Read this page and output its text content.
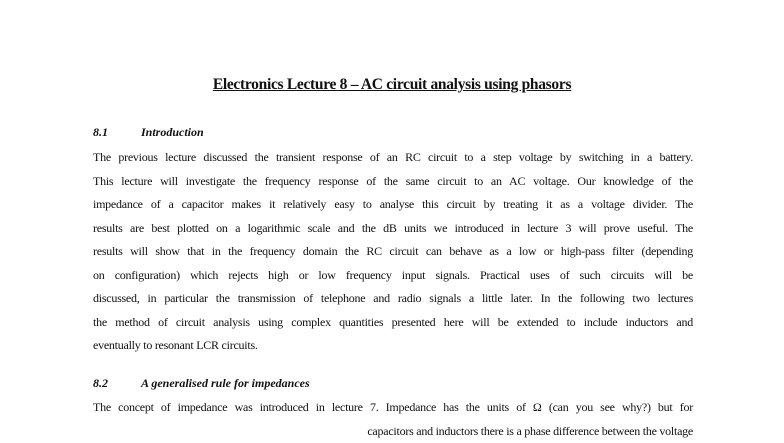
Electronics Lecture 8 – AC circuit analysis using phasors
8.1	Introduction
The previous lecture discussed the transient response of an RC circuit to a step voltage by switching in a battery.
This lecture will investigate the frequency response of the same circuit to an AC voltage. Our knowledge of the
impedance of a capacitor makes it relatively easy to analyse this circuit by treating it as a voltage divider. The
results are best plotted on a logarithmic scale and the dB units we introduced in lecture 3 will prove useful. The
results will show that in the frequency domain the RC circuit can behave as a low or high-pass filter (depending
on configuration) which rejects high or low frequency input signals. Practical uses of such circuits will be
discussed, in particular the transmission of telephone and radio signals a little later. In the following two lectures
the method of circuit analysis using complex quantities presented here will be extended to include inductors and
eventually to resonant LCR circuits.
8.2	A generalised rule for impedances
The concept of impedance was introduced in lecture 7. Impedance has the units of Ω (can you see why?) but for
capacitors and inductors there is a phase difference between the voltage
